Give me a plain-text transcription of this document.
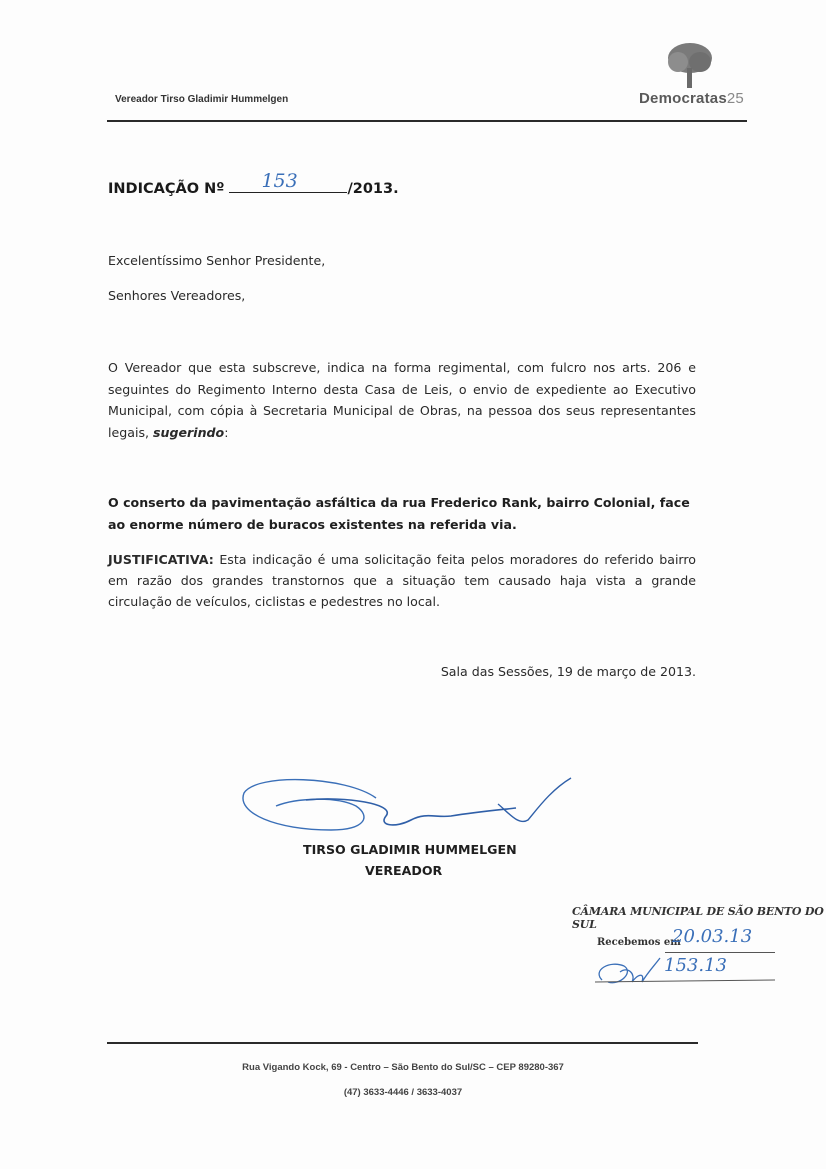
Vereador Tirso Gladimir Hummelgen	Democratas25
INDICAÇÃO Nº 153	/2013.
Excelentíssimo Senhor Presidente,
Senhores Vereadores,
O Vereador que esta subscreve, indica na forma regimental, com fulcro nos arts. 206 e seguintes do Regimento Interno desta Casa de Leis, o envio de expediente ao Executivo Municipal, com cópia à Secretaria Municipal de Obras, na pessoa dos seus representantes legais, sugerindo:
O conserto da pavimentação asfáltica da rua Frederico Rank, bairro Colonial, face ao enorme número de buracos existentes na referida via.
JUSTIFICATIVA: Esta indicação é uma solicitação feita pelos moradores do referido bairro em razão dos grandes transtornos que a situação tem causado haja vista a grande circulação de veículos, ciclistas e pedestres no local.
Sala das Sessões, 19 de março de 2013.
TIRSO GLADIMIR HUMMELGEN
VEREADOR
CÂMARA MUNICIPAL DE SÃO BENTO DO SUL
Recebemos em
20.03.13
153.13
Rua Vigando Kock, 69 - Centro – São Bento do Sul/SC – CEP 89280-367
(47) 3633-4446 / 3633-4037
